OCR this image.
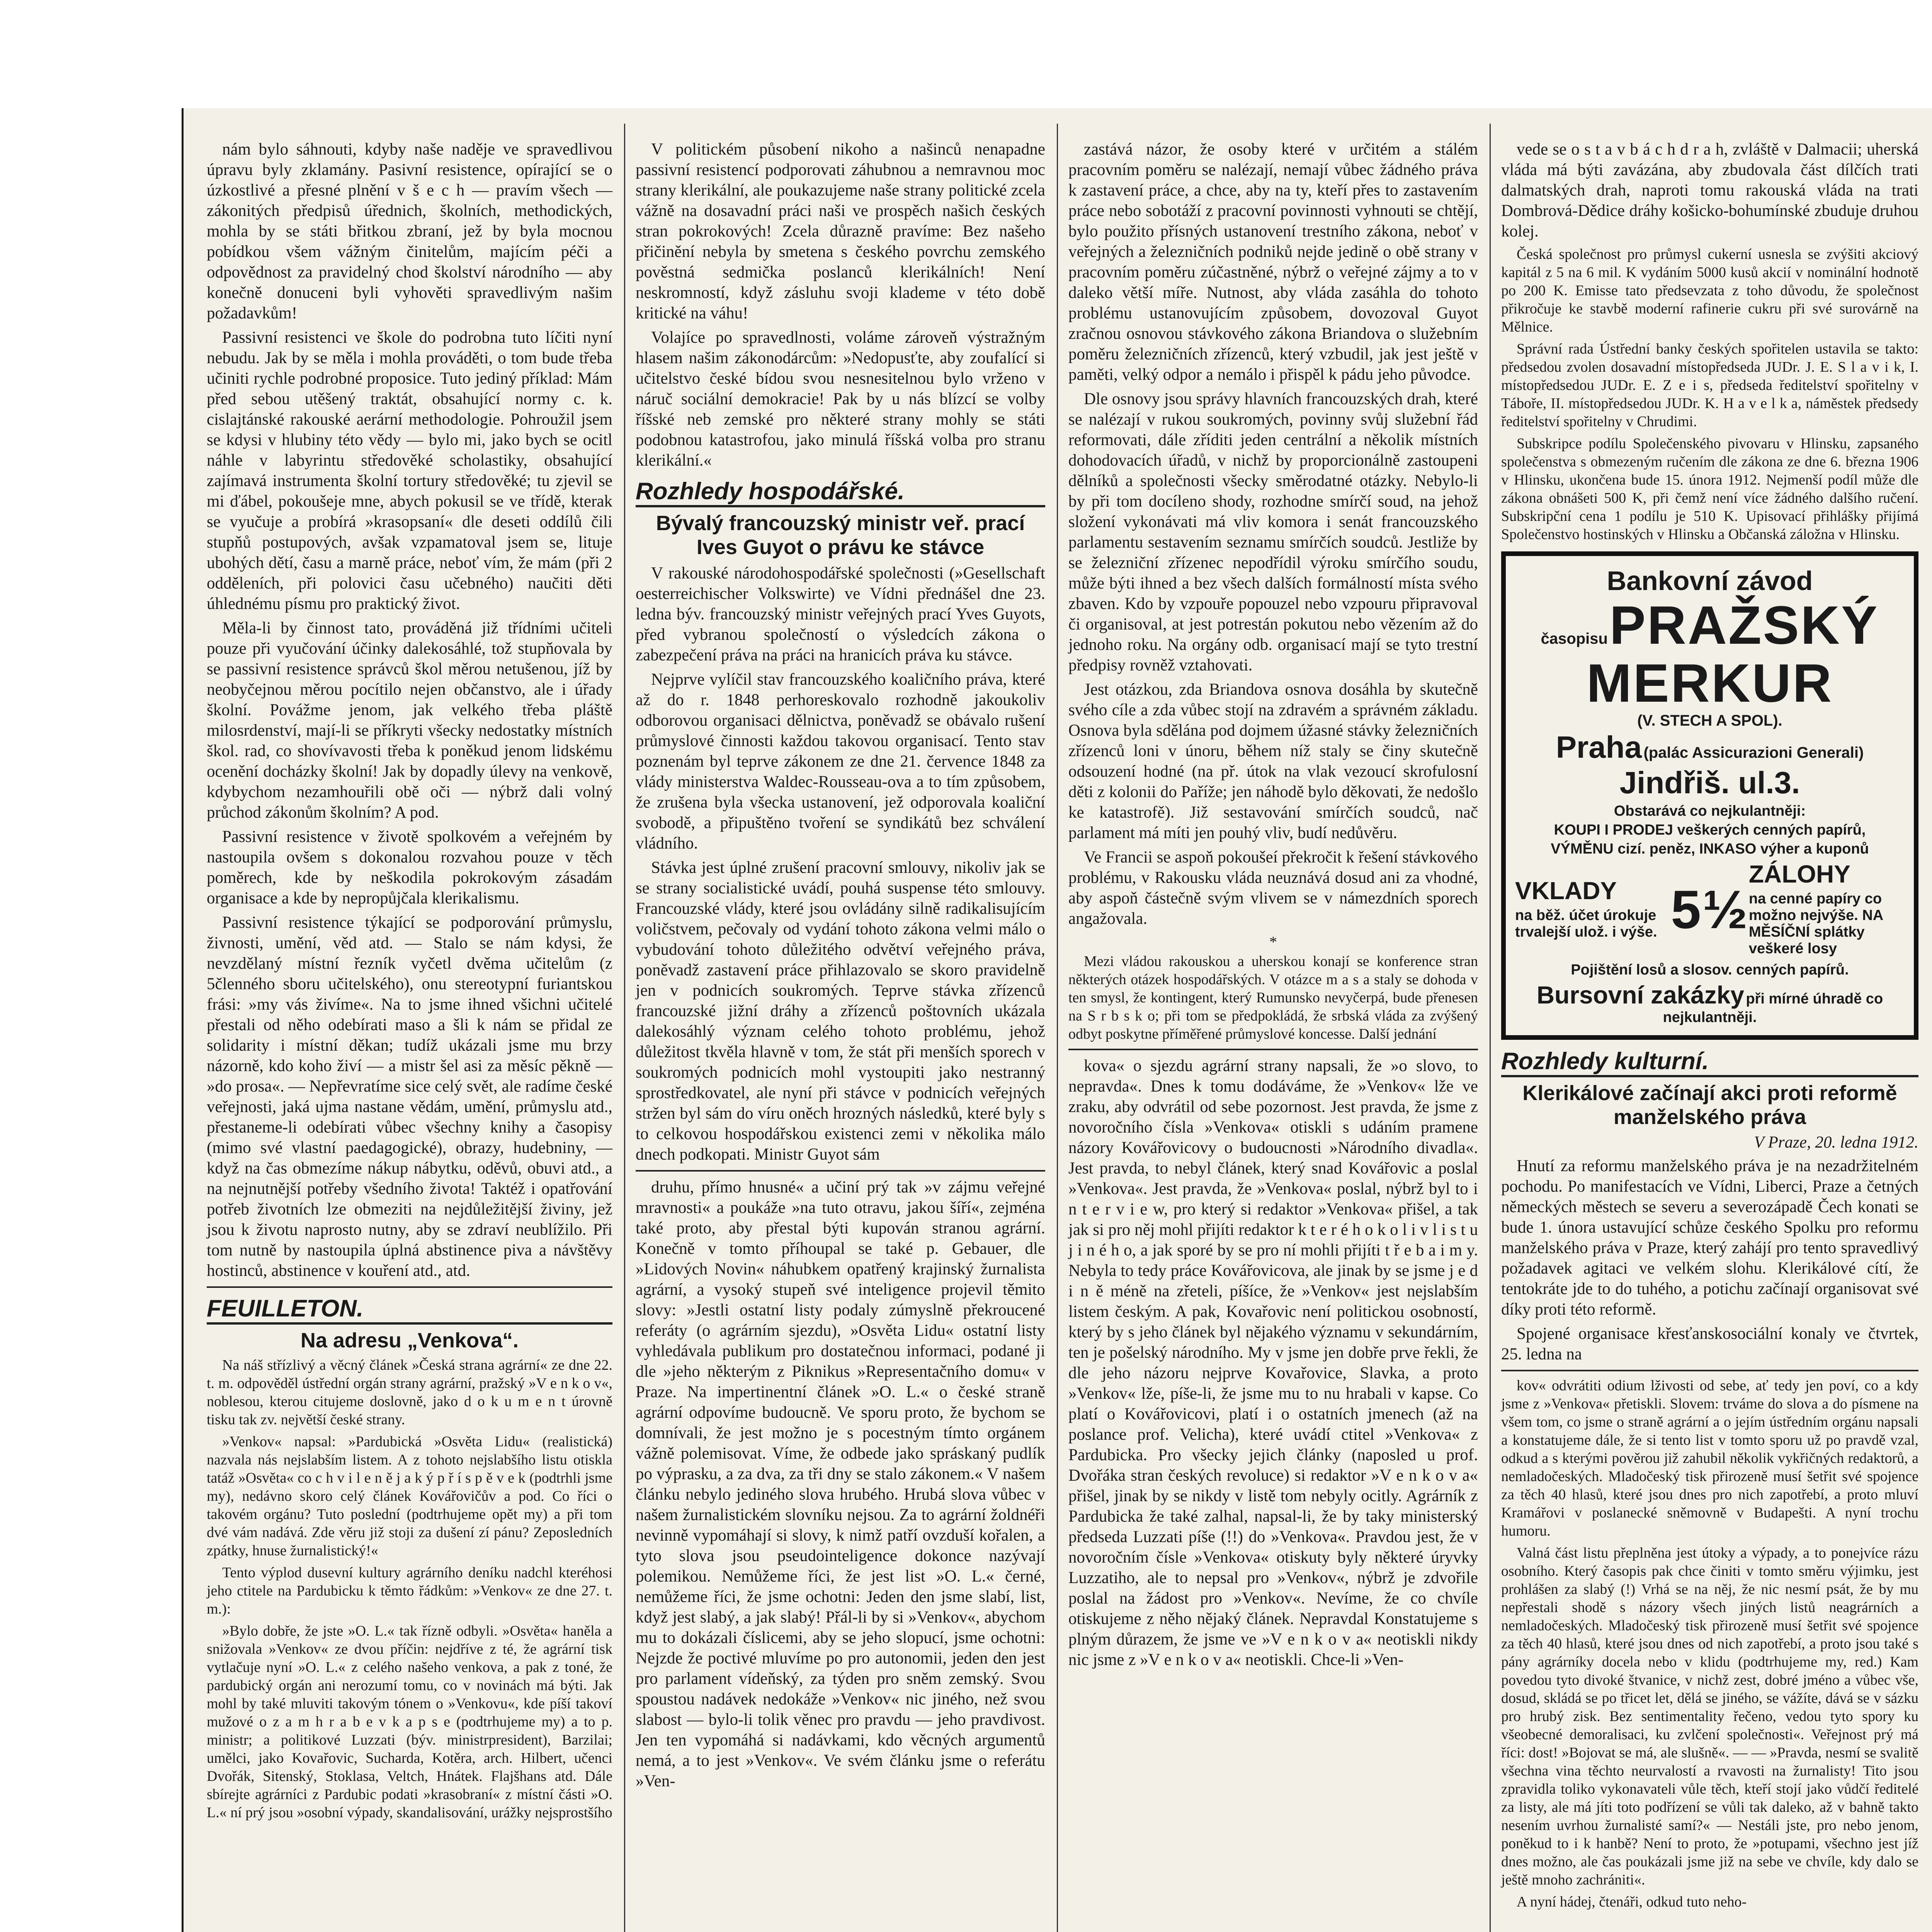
nám bylo sáhnouti, kdyby naše naděje ve spravedlivou úpravu byly zklamány. Pasivní resistence, opírající se o úzkostlivé a přesné plnění v š e c h — pravím všech — zákonitých předpisů úřednich, školních, methodických, mohla by se státi břitkou zbraní, jež by byla mocnou pobídkou všem vážným činitelům, majícím péči a odpovědnost za pravidelný chod školství národního — aby konečně donuceni byli vyhověti spravedlivým našim požadavkům!

Passivní resistenci ve škole do podrobna tuto líčiti nyní nebudu. Jak by se měla i mohla prováděti, o tom bude třeba učiniti rychle podrobné proposice. Tuto jediný příklad: Mám před sebou utěšený traktát, obsahující normy c. k. cislajtánské rakouské aerární methodologie. Pohroužil jsem se kdysi v hlubiny této vědy — bylo mi, jako bych se ocitl náhle v labyrintu středověké scholastiky, obsahující zajímavá instrumenta školní tortury středověké; tu zjevil se mi ďábel, pokoušeje mne, abych pokusil se ve třídě, kterak se vyučuje a probírá »krasopsaní« dle deseti oddílů čili stupňů postupových, avšak vzpamatoval jsem se, lituje ubohých dětí, času a marně práce, neboť vím, že mám (při 2 odděleních, při polovici času učebného) naučiti děti úhlednému písmu pro praktický život.

Měla-li by činnost tato, prováděná již třídními učiteli pouze při vyučování účinky dalekosáhlé, tož stupňovala by se passivní resistence správců škol měrou netušenou, jíž by neobyčejnou měrou pocítilo nejen občanstvo, ale i úřady školní. Povážme jenom, jak velkého třeba pláště milosrdenství, mají-li se příkryti všecky nedostatky místních škol. rad, co shovívavosti třeba k poněkud jenom lidskému ocenění docházky školní! Jak by dopadly úlevy na venkově, kdybychom nezamhouřili obě oči — nýbrž dali volný průchod zákonům školním? A pod.

Passivní resistence v životě spolkovém a veřejném by nastoupila ovšem s dokonalou rozvahou pouze v těch poměrech, kde by neškodila pokrokovým zásadám organisace a kde by nepropůjčala klerikalismu.

Passivní resistence týkající se podporování průmyslu, živnosti, umění, věd atd. — Stalo se nám kdysi, že nevzdělaný místní řezník vyčetl dvěma učitelům (z 5členného sboru učitelského), onu stereotypní furiantskou frási: »my vás živíme«. Na to jsme ihned všichni učitelé přestali od něho odebírati maso a šli k nám se přidal ze solidarity i místní děkan; tudíž ukázali jsme mu brzy názorně, kdo koho živí — a mistr šel asi za měsíc pěkně — »do prosa«. — Nepřevratíme sice celý svět, ale radíme české veřejnosti, jaká ujma nastane vědám, umění, průmyslu atd., přestaneme-li odebírati vůbec všechny knihy a časopisy (mimo své vlastní paedagogické), obrazy, hudebniny, — když na čas obmezíme nákup nábytku, oděvů, obuvi atd., a na nejnutnější potřeby všedního života! Taktéž i opatřování potřeb životních lze obmeziti na nejdůležitější živiny, jež jsou k životu naprosto nutny, aby se zdraví neublížilo. Při tom nutně by nastoupila úplná abstinence piva a návštěvy hostinců, abstinence v kouření atd., atd.

FEUILLETON.
Na adresu „Venkova“.

Na náš střízlivý a věcný článek »Česká strana agrární« ze dne 22. t. m. odpověděl ústřední orgán strany agrární, pražský »V e n k o v«, noblesou, kterou citujeme doslovně, jako d o k u m e n t úrovně tisku tak zv. největší české strany.

»Venkov« napsal: »Pardubická »Osvěta Lidu« (realistická) nazvala nás nejslabším listem. A z tohoto nejslabšího listu otiskla tatáž »Osvěta« co c h v i l e n ě j a k ý p ř í s p ě v e k (podtrhli jsme my), nedávno skoro celý článek Kovářovičův a pod. Co říci o takovém orgánu? Tuto poslední (podtrhujeme opět my) a při tom dvé vám nadává. Zde věru již stoji za dušení zí pánu? Zeposledních zpátky, hnuse žurnalistický!«

Tento výplod dusevní kultury agrárního deníku nadchl kteréhosi jeho ctitele na Pardubicku k těmto řádkům: »Venkov« ze dne 27. t. m.):

»Bylo dobře, že jste »O. L.« tak řízně odbyli. »Osvěta« haněla a snižovala »Venkov« ze dvou příčin: nejdříve z té, že agrární tisk vytlačuje nyní »O. L.« z celého našeho venkova, a pak z toné, že pardubický orgán ani nerozumí tomu, co v novinách má býti. Jak mohl by také mluviti takovým tónem o »Venkovu«, kde píší takoví mužové o z a m h r a b e v k a p s e (podtrhujeme my) a to p. ministr; a politikové Luzzati (býv. ministrpresident), Barzilai; umělci, jako Kovařovic, Sucharda, Kotěra, arch. Hilbert, učenci Dvořák, Sitenský, Stoklasa, Veltch, Hnátek. Flajšhans atd. Dále sbírejte agrárníci z Pardubic podati »krasobraní« z místní části »O. L.« ní prý jsou »osobní výpady, skandalisování, urážky nejsprostšího

V politickém působení nikoho a našinců nenapadne passivní resistencí podporovati záhubnou a nemravnou moc strany klerikální, ale poukazujeme naše strany politické zcela vážně na dosavadní práci naši ve prospěch našich českých stran pokrokových! Zcela důrazně pravíme: Bez našeho přičinění nebyla by smetena s českého povrchu zemského pověstná sedmička poslanců klerikálních! Není neskromností, když zásluhu svoji klademe v této době kritické na váhu!

Volajíce po spravedlnosti, voláme zároveň výstražným hlasem našim zákonodárcům: »Nedopusťte, aby zoufalící si učitelstvo české bídou svou nesnesitelnou bylo vrženo v náruč sociální demokracie! Pak by u nás blízcí se volby říšské neb zemské pro některé strany mohly se státi podobnou katastrofou, jako minulá říšská volba pro stranu klerikální.«

Rozhledy hospodářské.
Bývalý francouzský ministr veř. prací Ives Guyot o právu ke stávce

V rakouské národohospodářské společnosti (»Gesellschaft oesterreichischer Volkswirte) ve Vídni přednášel dne 23. ledna býv. francouzský ministr veřejných prací Yves Guyots, před vybranou společností o výsledcích zákona o zabezpečení práva na práci na hranicích práva ku stávce.

Nejprve vylíčil stav francouzského koaličního práva, které až do r. 1848 perhoreskovalo rozhodně jakoukoliv odborovou organisaci dělnictva, poněvadž se obávalo rušení průmyslové činnosti každou takovou organisací. Tento stav poznenám byl teprve zákonem ze dne 21. července 1848 za vlády ministerstva Waldec-Rousseau-ova a to tím způsobem, že zrušena byla všecka ustanovení, jež odporovala koaliční svobodě, a připuštěno tvoření se syndikátů bez schválení vládního.

Stávka jest úplné zrušení pracovní smlouvy, nikoliv jak se se strany socialistické uvádí, pouhá suspense této smlouvy. Francouzské vlády, které jsou ovládány silně radikalisujícím voličstvem, pečovaly od vydání tohoto zákona velmi málo o vybudování tohoto důležitého odvětví veřejného práva, poněvadž zastavení práce přihlazovalo se skoro pravidelně jen v podnicích soukromých. Teprve stávka zřízenců francouzské jižní dráhy a zřízenců poštovních ukázala dalekosáhlý význam celého tohoto problému, jehož důležitost tkvěla hlavně v tom, že stát při menších sporech v soukromých podnicích mohl vystoupiti jako nestranný sprostředkovatel, ale nyní při stávce v podnicích veřejných stržen byl sám do víru oněch hrozných následků, které byly s to celkovou hospodářskou existenci zemi v několika málo dnech podkopati. Ministr Guyot sám

druhu, přímo hnusné« a učiní prý tak »v zájmu veřejné mravnosti« a poukáže »na tuto otravu, jakou šíří«, zejména také proto, aby přestal býti kupován stranou agrární. Konečně v tomto příhoupal se také p. Gebauer, dle »Lidových Novin« náhubkem opatřený krajinský žurnalista agrární, a vysoký stupeň své inteligence projevil těmito slovy: »Jestli ostatní listy podaly zúmyslně překroucené referáty (o agrárním sjezdu), »Osvěta Lidu« ostatní listy vyhledávala publikum pro dostatečnou informaci, podané ji dle »jeho některým z Piknikus »Representačního domu« v Praze. Na impertinentní článek »O. L.« o české straně agrární odpovíme budoucně. Ve sporu proto, že bychom se domnívali, že jest možno je s pocestným tímto orgánem vážně polemisovat. Víme, že odbede jako spráskaný pudlík po výprasku, a za dva, za tři dny se stalo zákonem.« V našem článku nebylo jediného slova hrubého. Hrubá slova vůbec v našem žurnalistickém slovníku nejsou. Za to agrární žoldnéři nevinně vypomáhají si slovy, k nimž patří ovzduší kořalen, a tyto slova jsou pseudointeligence dokonce nazývají polemikou. Nemůžeme říci, že jest list »O. L.« černé, nemůžeme říci, že jsme ochotni: Jeden den jsme slabí, list, když jest slabý, a jak slabý! Přál-li by si »Venkov«, abychom mu to dokázali číslicemi, aby se jeho slopucí, jsme ochotni: Nejzde že poctivé mluvíme po pro autonomii, jeden den jest pro parlament vídeňský, za týden pro sněm zemský. Svou spoustou nadávek nedokáže »Venkov« nic jiného, než svou slabost — bylo-li tolik věnec pro pravdu — jeho pravdivost. Jen ten vypomáhá si nadávkami, kdo věcných argumentů nemá, a to jest »Venkov«. Ve svém článku jsme o referátu »Ven-

zastává názor, že osoby které v určitém a stálém pracovním poměru se nalézají, nemají vůbec žádného práva k zastavení práce, a chce, aby na ty, kteří přes to zastavením práce nebo sobotáží z pracovní povinnosti vyhnouti se chtějí, bylo použito přísných ustanovení trestního zákona, neboť v veřejných a železničních podniků nejde jedině o obě strany v pracovním poměru zúčastněné, nýbrž o veřejné zájmy a to v daleko větší míře. Nutnost, aby vláda zasáhla do tohoto problému ustanovujícím způsobem, dovozoval Guyot zračnou osnovou stávkového zákona Briandova o služebním poměru železničních zřízenců, který vzbudil, jak jest ještě v paměti, velký odpor a nemálo i přispěl k pádu jeho původce.

Dle osnovy jsou správy hlavních francouzských drah, které se nalézají v rukou soukromých, povinny svůj služební řád reformovati, dále zříditi jeden centrální a několik místních dohodovacích úřadů, v nichž by proporcionálně zastoupeni dělníků a společnosti všecky směrodatné otázky. Nebylo-li by při tom docíleno shody, rozhodne smírčí soud, na jehož složení vykonávati má vliv komora i senát francouzského parlamentu sestavením seznamu smírčích soudců. Jestliže by se železniční zřízenec nepodřídil výroku smírčího soudu, může býti ihned a bez všech dalších formálností místa svého zbaven. Kdo by vzpouře popouzel nebo vzpouru připravoval či organisoval, at jest potrestán pokutou nebo vězením až do jednoho roku. Na orgány odb. organisací mají se tyto trestní předpisy rovněž vztahovati.

Jest otázkou, zda Briandova osnova dosáhla by skutečně svého cíle a zda vůbec stojí na zdravém a správném základu. Osnova byla sdělána pod dojmem úžasné stávky železničních zřízenců loni v únoru, během níž staly se činy skutečně odsouzení hodné (na př. útok na vlak vezoucí skrofulosní děti z kolonii do Paříže; jen náhodě bylo děkovati, že nedošlo ke katastrofě). Již sestavování smírčích soudců, nač parlament má míti jen pouhý vliv, budí nedůvěru.

Ve Francii se aspoň pokoušeí překročit k řešení stávkového problému, v Rakousku vláda neuznává dosud ani za vhodné, aby aspoň částečně svým vlivem se v námezdních sporech angažovala.

*

Mezi vládou rakouskou a uherskou konají se konference stran některých otázek hospodářských. V otázce m a s a staly se dohoda v ten smysl, že kontingent, který Rumunsko nevyčerpá, bude přenesen na S r b s k o; při tom se předpokládá, že srbská vláda za zvýšený odbyt poskytne příměřené průmyslové koncesse. Další jednání

kova« o sjezdu agrární strany napsali, že »o slovo, to nepravda«. Dnes k tomu dodáváme, že »Venkov« lže ve zraku, aby odvrátil od sebe pozornost. Jest pravda, že jsme z novoročního čísla »Venkova« otiskli s udáním pramene názory Kovářovicovy o budoucnosti »Národního divadla«. Jest pravda, to nebyl článek, který snad Kovářovic a poslal »Venkova«. Jest pravda, že »Venkova« poslal, nýbrž byl to i n t e r v i e w, pro který si redaktor »Venkova« přišel, a tak jak si pro něj mohl přijíti redaktor k t e r é h o k o l i v l i s t u j i n é h o, a jak sporé by se pro ní mohli přijíti t ř e b a i m y. Nebyla to tedy práce Kovářovicova, ale jinak by se jsme j e d i n ě méně na zřeteli, píšíce, že »Venkov« jest nejslabším listem českým. A pak, Kovařovic není politickou osobností, který by s jeho článek byl nějakého významu v sekundárním, ten je pošelský národního. My v jsme jen dobře prve řekli, že dle jeho názoru nejprve Kovařovice, Slavka, a proto »Venkov« lže, píše-li, že jsme mu to nu hrabali v kapse. Co platí o Kovářovicovi, platí i o ostatních jmenech (až na poslance prof. Velicha), které uvádí ctitel »Venkova« z Pardubicka. Pro všecky jejich články (naposled u prof. Dvořáka stran českých revoluce) si redaktor »V e n k o v a« přišel, jinak by se nikdy v listě tom nebyly ocitly. Agrárník z Pardubicka že také zalhal, napsal-li, že by taky ministerský předseda Luzzati píše (!!) do »Venkova«. Pravdou jest, že v novoročním čísle »Venkova« otiskuty byly některé úryvky Luzzatiho, ale to nepsal pro »Venkov«, nýbrž je zdvořile poslal na žádost pro »Venkov«. Nevíme, že co chvíle otiskujeme z něho nějaký článek. Nepravdal Konstatujeme s plným důrazem, že jsme ve »V e n k o v a« neotiskli nikdy nic jsme z »V e n k o v a« neotiskli. Chce-li »Ven-

vede se o s t a v b á c h d r a h, zvláště v Dalmacii; uherská vláda má býti zavázána, aby zbudovala část dílčích trati dalmatských drah, naproti tomu rakouská vláda na trati Dombrová-Dědice dráhy košicko-bohumínské zbuduje druhou kolej.

Česká společnost pro průmysl cukerní usnesla se zvýšiti akciový kapitál z 5 na 6 mil. K vydáním 5000 kusů akcií v nominální hodnotě po 200 K. Emisse tato předsevzata z toho důvodu, že společnost přikročuje ke stavbě moderní rafinerie cukru při své surovárně na Mělnice.

Správní rada Ústřední banky českých spořitelen ustavila se takto: předsedou zvolen dosavadní místopředseda JUDr. J. E. S l a v i k, I. místopředsedou JUDr. E. Z e i s, předseda ředitelství spořitelny v Táboře, II. místopředsedou JUDr. K. H a v e l k a, náměstek předsedy ředitelství spořitelny v Chrudimi.

Subskripce podílu Společenského pivovaru v Hlinsku, zapsaného společenstva s obmezeným ručením dle zákona ze dne 6. března 1906 v Hlinsku, ukončena bude 15. února 1912. Nejmenší podíl může dle zákona obnášeti 500 K, při čemž není více žádného dalšího ručení. Subskripční cena 1 podílu je 510 K. Upisovací přihlášky přijímá Společenstvo hostinských v Hlinsku a Občanská záložna v Hlinsku.

Bankovní závod
časopisu PRAŽSKÝ MERKUR
(V. STECH A SPOL).
Praha (palác Assicurazioni Generali) Jindřiš. ul.3.
Obstarává co nejkulantněji:
KOUPI I PRODEJ veškerých cenných papírů,
VÝMĚNU cizí. peněz, INKASO výher a kuponů
VKLADY
na běž. účet úrokuje trvalejší ulož. i výše. 5½
ZÁLOHY
na cenné papíry co možno nejvýše. NA MĚSÍČNÍ splátky veškeré losy
Pojištění losů a slosov. cenných papírů.
Bursovní zakázky při mírné úhradě co nejkulantněji.
Rozhledy kulturní.
Klerikálové začínají akci proti reformě manželského práva
V Praze, 20. ledna 1912.

Hnutí za reformu manželského práva je na nezadržitelném pochodu. Po manifestacích ve Vídni, Liberci, Praze a četných německých městech se severu a severozápadě Čech konati se bude 1. února ustavující schůze českého Spolku pro reformu manželského práva v Praze, který zahájí pro tento spravedlivý požadavek agitaci ve velkém slohu. Klerikálové cítí, že tentokráte jde to do tuhého, a potichu začínají organisovat své díky proti této reformě.

Spojené organisace křesťanskosociální konaly ve čtvrtek, 25. ledna na

kov« odvrátiti odium lživosti od sebe, ať tedy jen poví, co a kdy jsme z »Venkova« přetiskli. Slovem: trváme do slova a do písmene na všem tom, co jsme o straně agrární a o jejím ústředním orgánu napsali a konstatujeme dále, že si tento list v tomto sporu už po pravdě vzal, odkud a s kterými pověrou již zahubil několik vykřičných redaktorů, a nemladočeských. Mladočeský tisk přirozeně musí šetřit své spojence za těch 40 hlasů, které jsou dnes pro nich zapotřebí, a proto mluví Kramářovi v poslanecké sněmovně v Budapešti. A nyní trochu humoru.

Valná část listu přeplněna jest útoky a výpady, a to ponejvíce rázu osobního. Který časopis pak chce činiti v tomto směru výjimku, jest prohlášen za slabý (!) Vrhá se na něj, že nic nesmí psát, že by mu nepřestali shodě s názory všech jiných listů neagrárních a nemladočeských. Mladočeský tisk přirozeně musí šetřit své spojence za těch 40 hlasů, které jsou dnes od nich zapotřebí, a proto jsou také s pány agrárníky docela nebo v klidu (podtrhujeme my, red.) Kam povedou tyto divoké štvanice, v nichž zest, dobré jméno a vůbec vše, dosud, skládá se po třicet let, dělá se jiného, se vážíte, dává se v sázku pro hrubý zisk. Bez sentimentality řečeno, vedou tyto spory ku všeobecné demoralisaci, ku zvlčení společnosti«. Veřejnost prý má říci: dost! »Bojovat se má, ale slušně«. — — »Pravda, nesmí se svalitě všechna vina těchto neurvalostí a rvavosti na žurnalisty! Tito jsou zpravidla toliko vykonavateli vůle těch, kteří stojí jako vůdčí ředitelé za listy, ale má jíti toto podřízení se vůli tak daleko, až v bahně takto nesením uvrhou žurnalisté samí?« — Nestáli jste, pro nebo jenom, poněkud to i k hanbě? Není to proto, že »potupami, všechno jest jíž dnes možno, ale čas poukázali jsme již na sebe ve chvíle, kdy dalo se ještě mnoho zachrániti«.

A nyní hádej, čtenáři, odkud tuto neho-
